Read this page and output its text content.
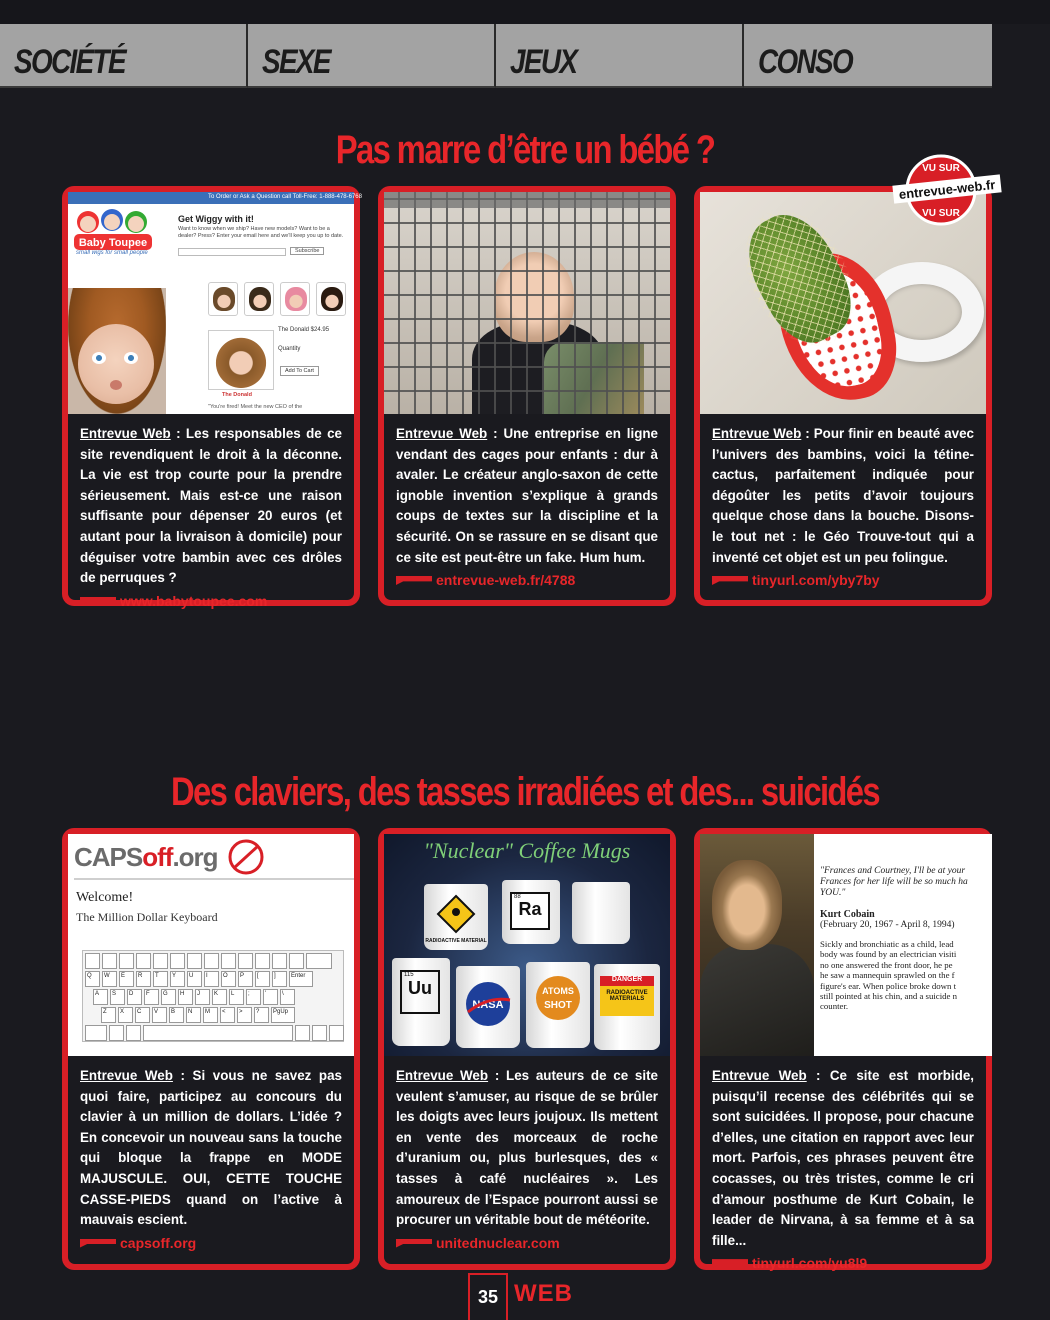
SOCIÉTÉ	SEXE	JEUX	CONSO
Pas marre d’être un bébé ?
Des claviers, des tasses irradiées et des... suicidés
To Order or Ask a Question call Toll-Free: 1-888-478-6768
Baby Toupee
small wigs for small people
Get Wiggy with it!
Want to know when we ship? Have new models? Want to be a dealer? Press? Enter your email here and we'll keep you up to date.
Subscribe
The Donald $24.95
Quantity
Add To Cart
The Donald
"You're fired! Meet the new CEO of the
Entrevue Web : Les responsables de ce site revendiquent le droit à la déconne. La vie est trop courte pour la prendre sérieusement. Mais est-ce une raison suffisante pour dépenser 20 euros (et autant pour la livraison à domicile) pour déguiser votre bambin avec ces drôles de perruques ?
www.babytoupee.com
Entrevue Web : Une entreprise en ligne vendant des cages pour enfants : dur à avaler. Le créateur anglo-saxon de cette ignoble invention s’explique à grands coups de textes sur la discipline et la sécurité. On se rassure en se disant que ce site est peut-être un fake. Hum hum.
entrevue-web.fr/4788
Entrevue Web : Pour finir en beauté avec l’univers des bambins, voici la tétine-cactus, parfaitement indiquée pour dégoûter les petits d’avoir toujours quelque chose dans la bouche. Disons-le tout net : le Géo Trouve-tout qui a inventé cet objet est un peu folingue.
tinyurl.com/yby7by
VU SUR
entrevue-web.fr
VU SUR
CAPSoff.org
Welcome!
The Million Dollar Keyboard
Q	W	E	R	T	Y	U	I	O	P	[	]	Enter
A	S	D	F	G	H	J	K	L	;	'	\
Z	X	C	V	B	N	M	<	>	?	PgUp
Entrevue Web : Si vous ne savez pas quoi faire, participez au concours du clavier à un million de dollars. L’idée ? En concevoir un nouveau sans la touche qui bloque la frappe en MODE MAJUSCULE. OUI, CETTE TOUCHE CASSE-PIEDS quand on l’active à mauvais escient.
capsoff.org
"Nuclear" Coffee Mugs
RADIOACTIVE MATERIAL
88
Ra
115
Uu
NASA
ATOMS
SHOT
DANGER
RADIOACTIVE MATERIALS
Entrevue Web : Les auteurs de ce site veulent s’amuser, au risque de se brûler les doigts avec leurs joujoux. Ils mettent en vente des morceaux de roche d’uranium ou, plus burlesques, des « tasses à café nucléaires ». Les amoureux de l’Espace pourront aussi se procurer un véritable bout de météorite.
unitednuclear.com
"Frances and Courtney, I'll be at your
Frances for her life will be so much ha
YOU."
Kurt Cobain
(February 20, 1967 - April 8, 1994)
Sickly and bronchiatic as a child, lead
body was found by an electrician visiti
no one answered the front door, he pe
he saw a mannequin sprawled on the f
figure's ear. When police broke down t
still pointed at his chin, and a suicide n
counter.
Entrevue Web : Ce site est morbide, puisqu’il recense des célébrités qui se sont suicidées. Il propose, pour chacune d’elles, une citation en rapport avec leur mort. Parfois, ces phrases peuvent être cocasses, ou très tristes, comme le cri d’amour posthume de Kurt Cobain, le leader de Nirvana, à sa femme et à sa fille...
tinyurl.com/yu8l9
35 WEB
